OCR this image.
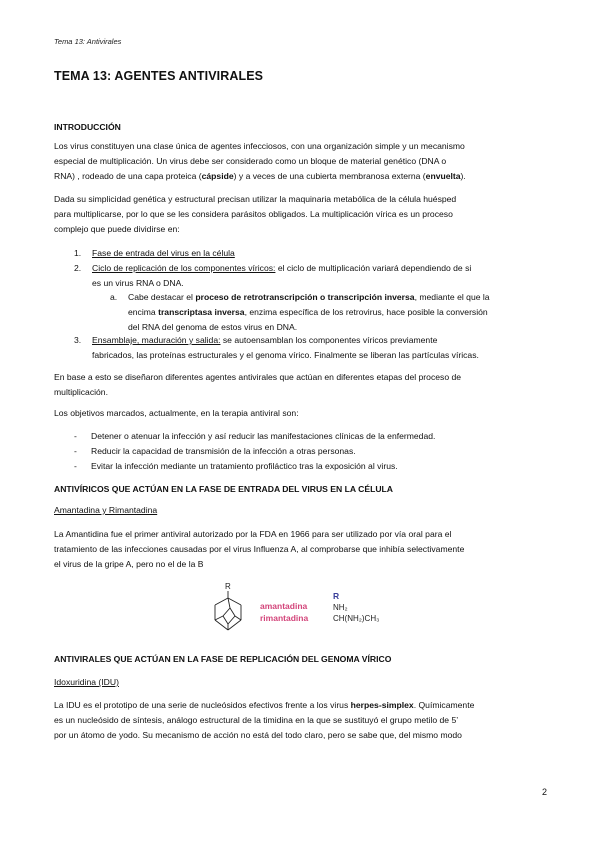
Tema 13: Antivirales
TEMA 13: AGENTES ANTIVIRALES
INTRODUCCIÓN
Los virus constituyen una clase única de agentes infecciosos, con una organización simple y un mecanismo
especial de multiplicación. Un virus debe ser considerado como un bloque de material genético (DNA o
RNA) , rodeado de una capa proteica (cápside) y a veces de una cubierta membranosa externa (envuelta).
Dada su simplicidad genética y estructural precisan utilizar la maquinaria metabólica de la célula huésped
para multiplicarse, por lo que se les considera parásitos obligados. La multiplicación vírica es un proceso
complejo que puede dividirse en:
1. Fase de entrada del virus en la célula
2. Ciclo de replicación de los componentes víricos: el ciclo de multiplicación variará dependiendo de si
es un virus RNA o DNA.
a. Cabe destacar el proceso de retrotranscripción o transcripción inversa, mediante el que la
encima transcriptasa inversa, enzima específica de los retrovirus, hace posible la conversión
del RNA del genoma de estos virus en DNA.
3. Ensamblaje, maduración y salida: se autoensamblan los componentes víricos previamente
fabricados, las proteínas estructurales y el genoma vírico. Finalmente se liberan las partículas víricas.
En base a esto se diseñaron diferentes agentes antivirales que actúan en diferentes etapas del proceso de
multiplicación.
Los objetivos marcados, actualmente, en la terapia antiviral son:
- Detener o atenuar la infección y así reducir las manifestaciones clínicas de la enfermedad.
- Reducir la capacidad de transmisión de la infección a otras personas.
- Evitar la infección mediante un tratamiento profiláctico tras la exposición al virus.
ANTIVÍRICOS QUE ACTÚAN EN LA FASE DE ENTRADA DEL VIRUS EN LA CÉLULA
Amantadina y Rimantadina
La Amantidina fue el primer antiviral autorizado por la FDA en 1966 para ser utilizado por vía oral para el
tratamiento de las infecciones causadas por el virus Influenza A, al comprobarse que inhibía selectivamente
el virus de la gripe A, pero no el de la B
R
amantadina
rimantadina
R
NH₂
CH(NH₂)CH₃
ANTIVIRALES QUE ACTÚAN EN LA FASE DE REPLICACIÓN DEL GENOMA VÍRICO
Idoxuridina (IDU)
La IDU es el prototipo de una serie de nucleósidos efectivos frente a los virus herpes-simplex. Químicamente
es un nucleósido de síntesis, análogo estructural de la timidina en la que se sustituyó el grupo metilo de 5’
por un átomo de yodo. Su mecanismo de acción no está del todo claro, pero se sabe que, del mismo modo
2
